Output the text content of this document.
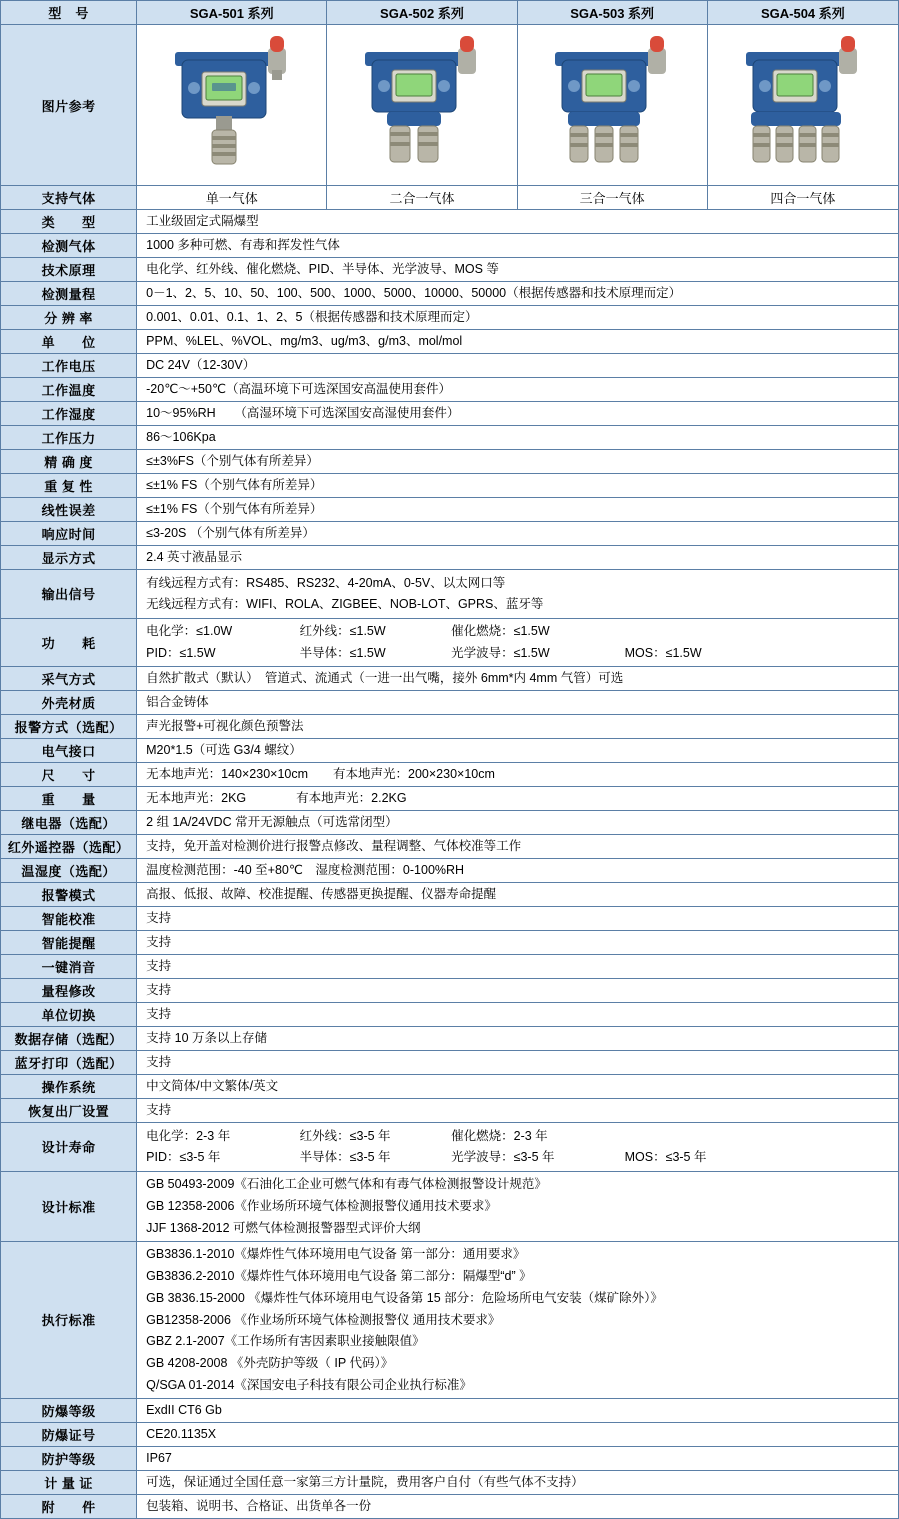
型　号	SGA-501 系列	SGA-502 系列	SGA-503 系列	SGA-504 系列
图片参考	

支持气体	单一气体	二合一气体	三合一气体	四合一气体
类　　型	工业级固定式隔爆型			
检测气体	1000 多种可燃、有毒和挥发性气体			
技术原理	电化学、红外线、催化燃烧、PID、半导体、光学波导、MOS 等			
检测量程	0－1、2、5、10、50、100、500、1000、5000、10000、50000（根据传感器和技术原理而定）			
分 辨 率	0.001、0.01、0.1、1、2、5（根据传感器和技术原理而定）			
单　　位	PPM、%LEL、%VOL、mg/m3、ug/m3、g/m3、mol/mol			
工作电压	DC 24V（12-30V）			
工作温度	-20℃～+50℃（高温环境下可选深国安高温使用套件）			
工作湿度	10～95%RH　　（高湿环境下可选深国安高湿使用套件）			
工作压力	86～106Kpa			
精 确 度	≤±3%FS（个别气体有所差异）			
重 复 性	≤±1% FS（个别气体有所差异）			
线性误差	≤±1% FS（个别气体有所差异）			
响应时间	≤3-20S （个别气体有所差异）			
显示方式	2.4 英寸液晶显示			
输出信号	有线远程方式有：RS485、RS232、4-20mA、0-5V、以太网口等
无线远程方式有：WIFI、ROLA、ZIGBEE、NOB-LOT、GPRS、蓝牙等			

功　　耗	电化学：≤1.0W 红外线：≤1.5W 催化燃烧：≤1.5W
PID：≤1.5W 半导体：≤1.5W 光学波导：≤1.5W MOS：≤1.5W			

采气方式	自然扩散式（默认）　管道式、流通式（一进一出气嘴，接外 6mm*内 4mm 气管）可选			
外壳材质	铝合金铸体			
报警方式（选配）	声光报警+可视化颜色预警法			
电气接口	M20*1.5（可选 G3/4 螺纹）			
尺　　寸	无本地声光：140×230×10cm　　有本地声光：200×230×10cm			
重　　量	无本地声光：2KG　　　　有本地声光：2.2KG			
继电器（选配）	2 组 1A/24VDC 常开无源触点（可选常闭型）			
红外遥控器（选配）	支持，免开盖对检测价进行报警点修改、量程调整、气体校准等工作			
温湿度（选配）	温度检测范围：-40 至+80℃　湿度检测范围：0-100%RH			
报警模式	高报、低报、故障、校准提醒、传感器更换提醒、仪器寿命提醒			
智能校准	支持			
智能提醒	支持			
一键消音	支持			
量程修改	支持			
单位切换	支持			
数据存储（选配）	支持 10 万条以上存储			
蓝牙打印（选配）	支持			
操作系统	中文简体/中文繁体/英文			
恢复出厂设置	支持			
设计寿命	电化学：2-3 年 红外线：≤3-5 年 催化燃烧：2-3 年
PID：≤3-5 年 半导体：≤3-5 年 光学波导：≤3-5 年 MOS：≤3-5 年			

设计标准	GB 50493-2009《石油化工企业可燃气体和有毒气体检测报警设计规范》
GB 12358-2006《作业场所环境气体检测报警仪通用技术要求》
JJF 1368-2012 可燃气体检测报警器型式评价大纲			

执行标准	
GB3836.1-2010《爆炸性气体环境用电气设备 第一部分：通用要求》
GB3836.2-2010《爆炸性气体环境用电气设备 第二部分：隔爆型“d” 》
GB 3836.15-2000 《爆炸性气体环境用电气设备第 15 部分：危险场所电气安装（煤矿除外）》
GB12358-2006 《作业场所环境气体检测报警仪 通用技术要求》
GBZ 2.1-2007《工作场所有害因素职业接触限值》
GB 4208-2008 《外壳防护等级（ IP 代码）》
Q/SGA 01-2014《深国安电子科技有限公司企业执行标准》

防爆等级	ExdII CT6 Gb			
防爆证号	CE20.1135X			
防护等级	IP67			
计 量 证	可选，保证通过全国任意一家第三方计量院，费用客户自付（有些气体不支持）			
附　　件	包装箱、说明书、合格证、出货单各一份			
